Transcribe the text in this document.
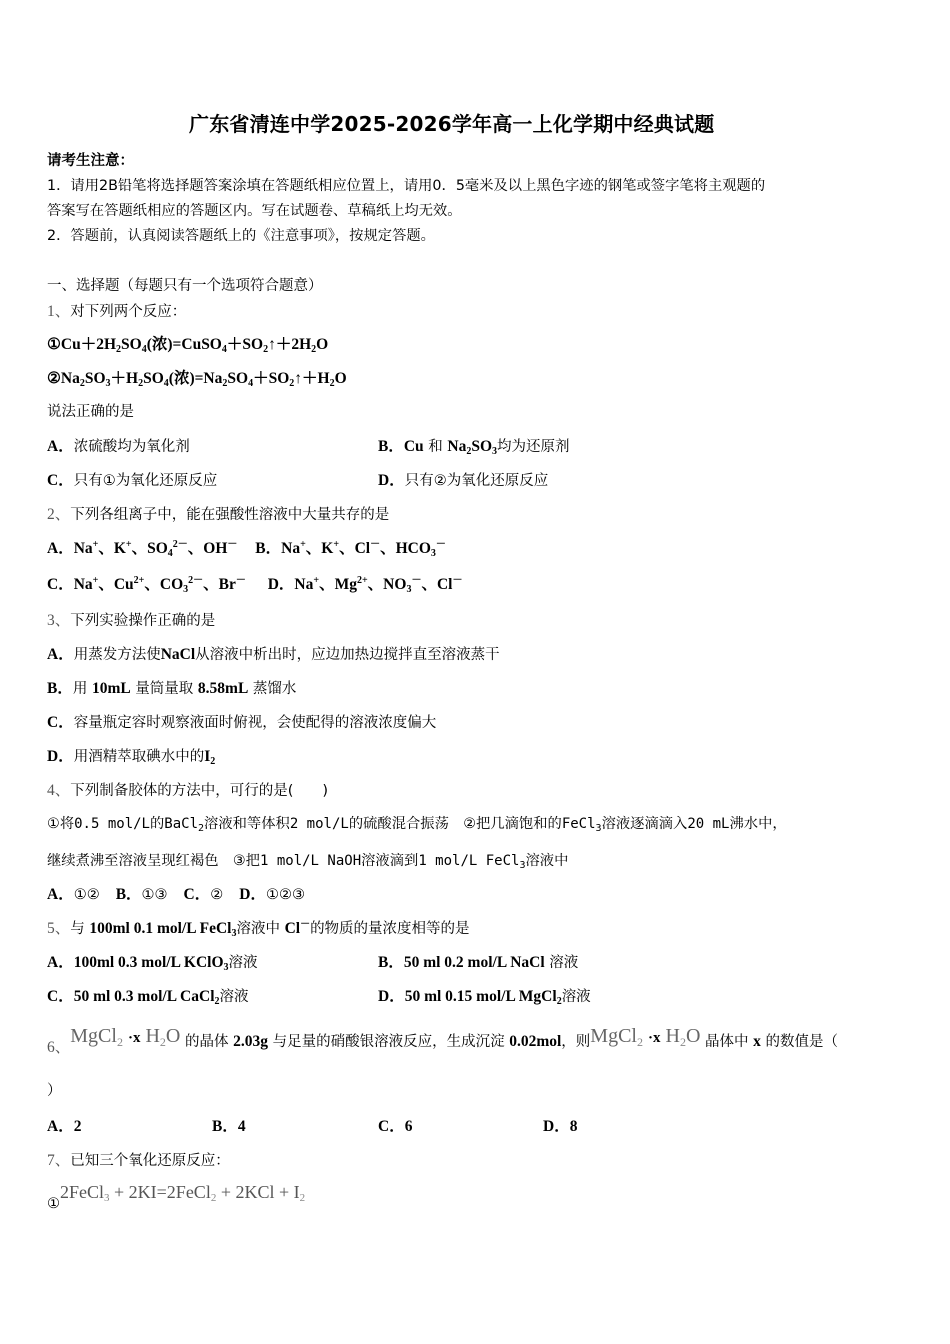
广东省清连中学2025-2026学年高一上化学期中经典试题
请考生注意：
1．请用2B铅笔将选择题答案涂填在答题纸相应位置上，请用0．5毫米及以上黑色字迹的钢笔或签字笔将主观题的
答案写在答题纸相应的答题区内。写在试题卷、草稿纸上均无效。
2．答题前，认真阅读答题纸上的《注意事项》，按规定答题。
一、选择题（每题只有一个选项符合题意）
1、对下列两个反应：
$①Cu+2H_2SO_4$(浓)$=CuSO_4+SO_2↑+2H_2O$
$②Na_2SO_3+H_2SO_4$(浓)$=Na_2SO_4+SO_2↑+H_2O$
说法正确的是
A．浓硫酸均为氧化剂	B．Cu 和 $Na_2SO_3$均为还原剂
C．只有①为氧化还原反应	D．只有②为氧化还原反应
2、下列各组离子中，能在强酸性溶液中大量共存的是
A．Na+、K+、$SO_4^{2-}$、OH－ B．Na+、K+、Cl－、$HCO_3^-$
C．Na+、$Cu^{2+}$、$CO_3^{2-}$、Br－ D．Na+、$Mg^{2+}$、$NO_3^-$、Cl－
3、下列实验操作正确的是
A．用蒸发方法使NaCl从溶液中析出时，应边加热边搅拌直至溶液蒸干
B．用 10mL 量筒量取 8.58mL 蒸馏水
C．容量瓶定容时观察液面时俯视，会使配得的溶液浓度偏大
D．用酒精萃取碘水中的$I_2$
4、下列制备胶体的方法中，可行的是(　　)
①将0.5 mol/L的BaCl$_2$溶液和等体积2 mol/L的硫酸混合振荡　②把几滴饱和的FeCl$_3$溶液逐滴滴入20 mL沸水中，
继续煮沸至溶液呈现红褐色　③把1 mol/L NaOH溶液滴到1 mol/L FeCl$_3$溶液中
A．①② B．①③ C．② D．①②③
5、与 100ml 0.1 mol/L FeCl$_3$溶液中 Cl－的物质的量浓度相等的是
A．100ml 0.3 mol/L KClO$_3$溶液	B．50 ml 0.2 mol/L NaCl 溶液
C．50 ml 0.3 mol/L CaCl$_2$溶液	D．50 ml 0.15 mol/L MgCl$_2$溶液
6、MgCl$_2$ ·x $H_2O$ 的晶体 2.03g 与足量的硝酸银溶液反应，生成沉淀 0.02mol，则MgCl$_2$ ·x $H_2O$ 晶体中 x 的数值是（
）
A．2	B．4	C．6	D．8
7、已知三个氧化还原反应：
①2FeCl$_3$ + 2KI=2FeCl$_2$ + $2KCl + I_2$
